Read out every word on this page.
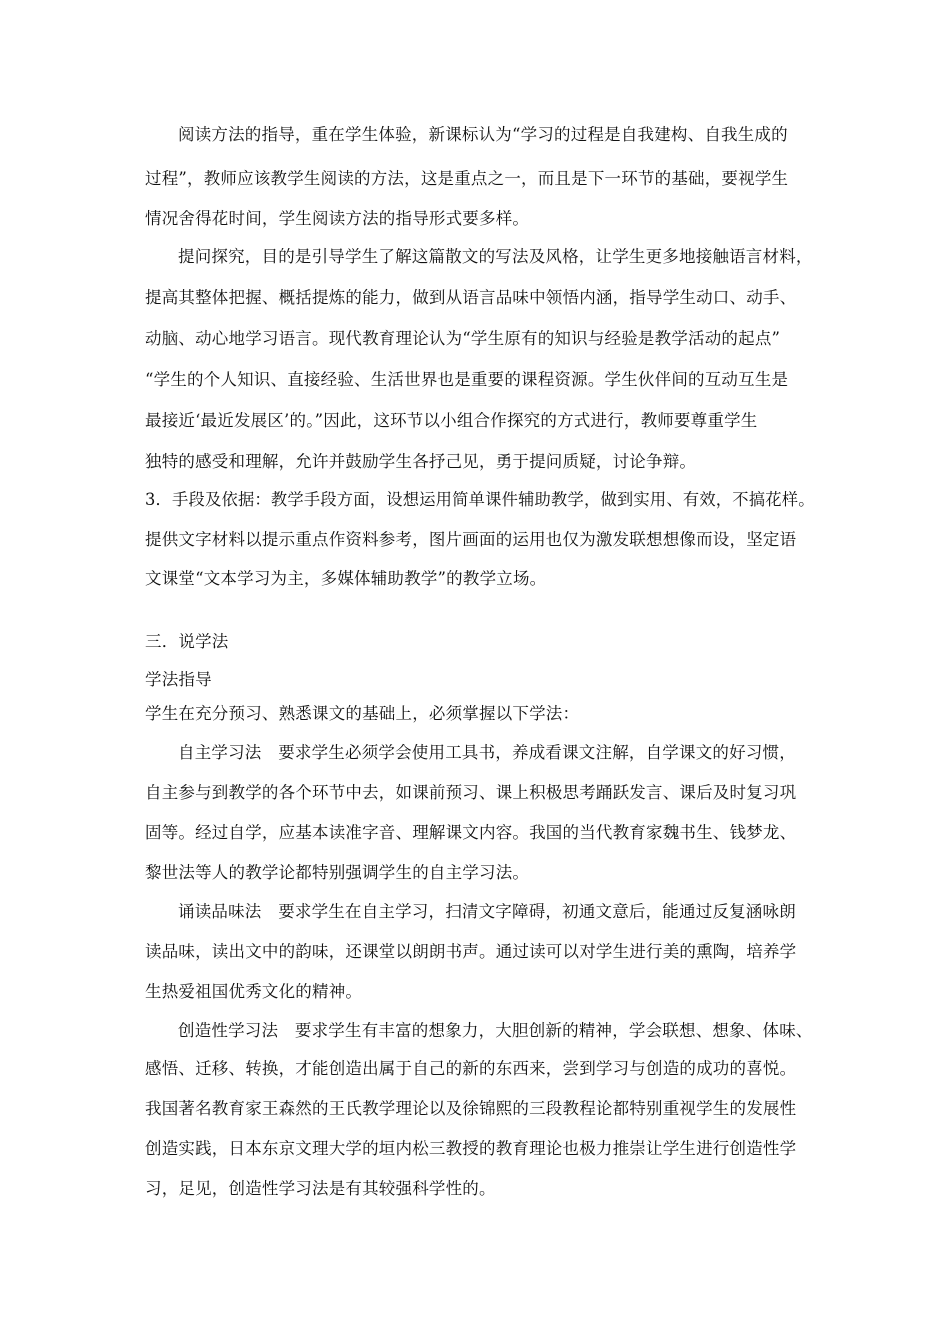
阅读方法的指导，重在学生体验，新课标认为“学习的过程是自我建构、自我生成的
过程”，教师应该教学生阅读的方法，这是重点之一，而且是下一环节的基础，要视学生
情况舍得花时间，学生阅读方法的指导形式要多样。
提问探究，目的是引导学生了解这篇散文的写法及风格，让学生更多地接触语言材料，
提高其整体把握、概括提炼的能力，做到从语言品味中领悟内涵，指导学生动口、动手、
动脑、动心地学习语言。现代教育理论认为“学生原有的知识与经验是教学活动的起点”
“学生的个人知识、直接经验、生活世界也是重要的课程资源。学生伙伴间的互动互生是
最接近‘最近发展区’的。”因此，这环节以小组合作探究的方式进行，教师要尊重学生
独特的感受和理解，允许并鼓励学生各抒己见，勇于提问质疑，讨论争辩。
3．手段及依据：教学手段方面，设想运用简单课件辅助教学，做到实用、有效，不搞花样。
提供文字材料以提示重点作资料参考，图片画面的运用也仅为激发联想想像而设，坚定语
文课堂“文本学习为主，多媒体辅助教学”的教学立场。
三．说学法
学法指导
学生在充分预习、熟悉课文的基础上，必须掌握以下学法：
自主学习法　要求学生必须学会使用工具书，养成看课文注解，自学课文的好习惯，
自主参与到教学的各个环节中去，如课前预习、课上积极思考踊跃发言、课后及时复习巩
固等。经过自学，应基本读准字音、理解课文内容。我国的当代教育家魏书生、钱梦龙、
黎世法等人的教学论都特别强调学生的自主学习法。
诵读品味法　要求学生在自主学习，扫清文字障碍，初通文意后，能通过反复涵咏朗
读品味，读出文中的韵味，还课堂以朗朗书声。通过读可以对学生进行美的熏陶，培养学
生热爱祖国优秀文化的精神。
创造性学习法　要求学生有丰富的想象力，大胆创新的精神，学会联想、想象、体味、
感悟、迁移、转换，才能创造出属于自己的新的东西来，尝到学习与创造的成功的喜悦。
我国著名教育家王森然的王氏教学理论以及徐锦熙的三段教程论都特别重视学生的发展性
创造实践，日本东京文理大学的垣内松三教授的教育理论也极力推崇让学生进行创造性学
习，足见，创造性学习法是有其较强科学性的。
